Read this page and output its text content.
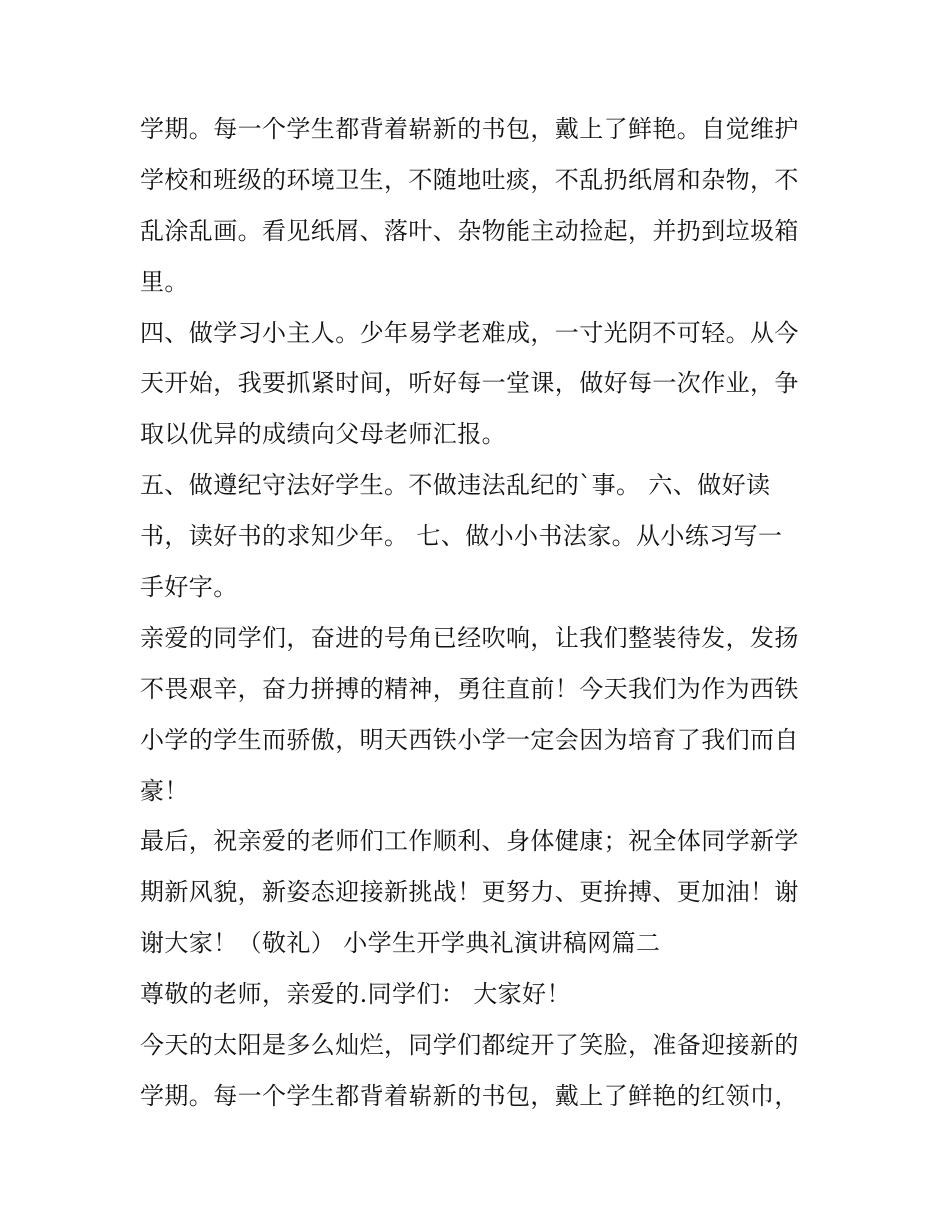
学期。每一个学生都背着崭新的书包，戴上了鲜艳。自觉维护
学校和班级的环境卫生，不随地吐痰，不乱扔纸屑和杂物，不
乱涂乱画。看见纸屑、落叶、杂物能主动捡起，并扔到垃圾箱
里。
四、做学习小主人。少年易学老难成，一寸光阴不可轻。从今
天开始，我要抓紧时间，听好每一堂课，做好每一次作业，争
取以优异的成绩向父母老师汇报。
五、做遵纪守法好学生。不做违法乱纪的`事。 六、做好读
书，读好书的求知少年。 七、做小小书法家。从小练习写一
手好字。
亲爱的同学们，奋进的号角已经吹响，让我们整装待发，发扬
不畏艰辛，奋力拼搏的精神，勇往直前！今天我们为作为西铁
小学的学生而骄傲，明天西铁小学一定会因为培育了我们而自
豪！
最后，祝亲爱的老师们工作顺利、身体健康；祝全体同学新学
期新风貌，新姿态迎接新挑战！更努力、更拚搏、更加油！谢
谢大家！（敬礼） 小学生开学典礼演讲稿网篇二
尊敬的老师，亲爱的.同学们： 大家好！
今天的太阳是多么灿烂，同学们都绽开了笑脸，准备迎接新的
学期。每一个学生都背着崭新的书包，戴上了鲜艳的红领巾，
